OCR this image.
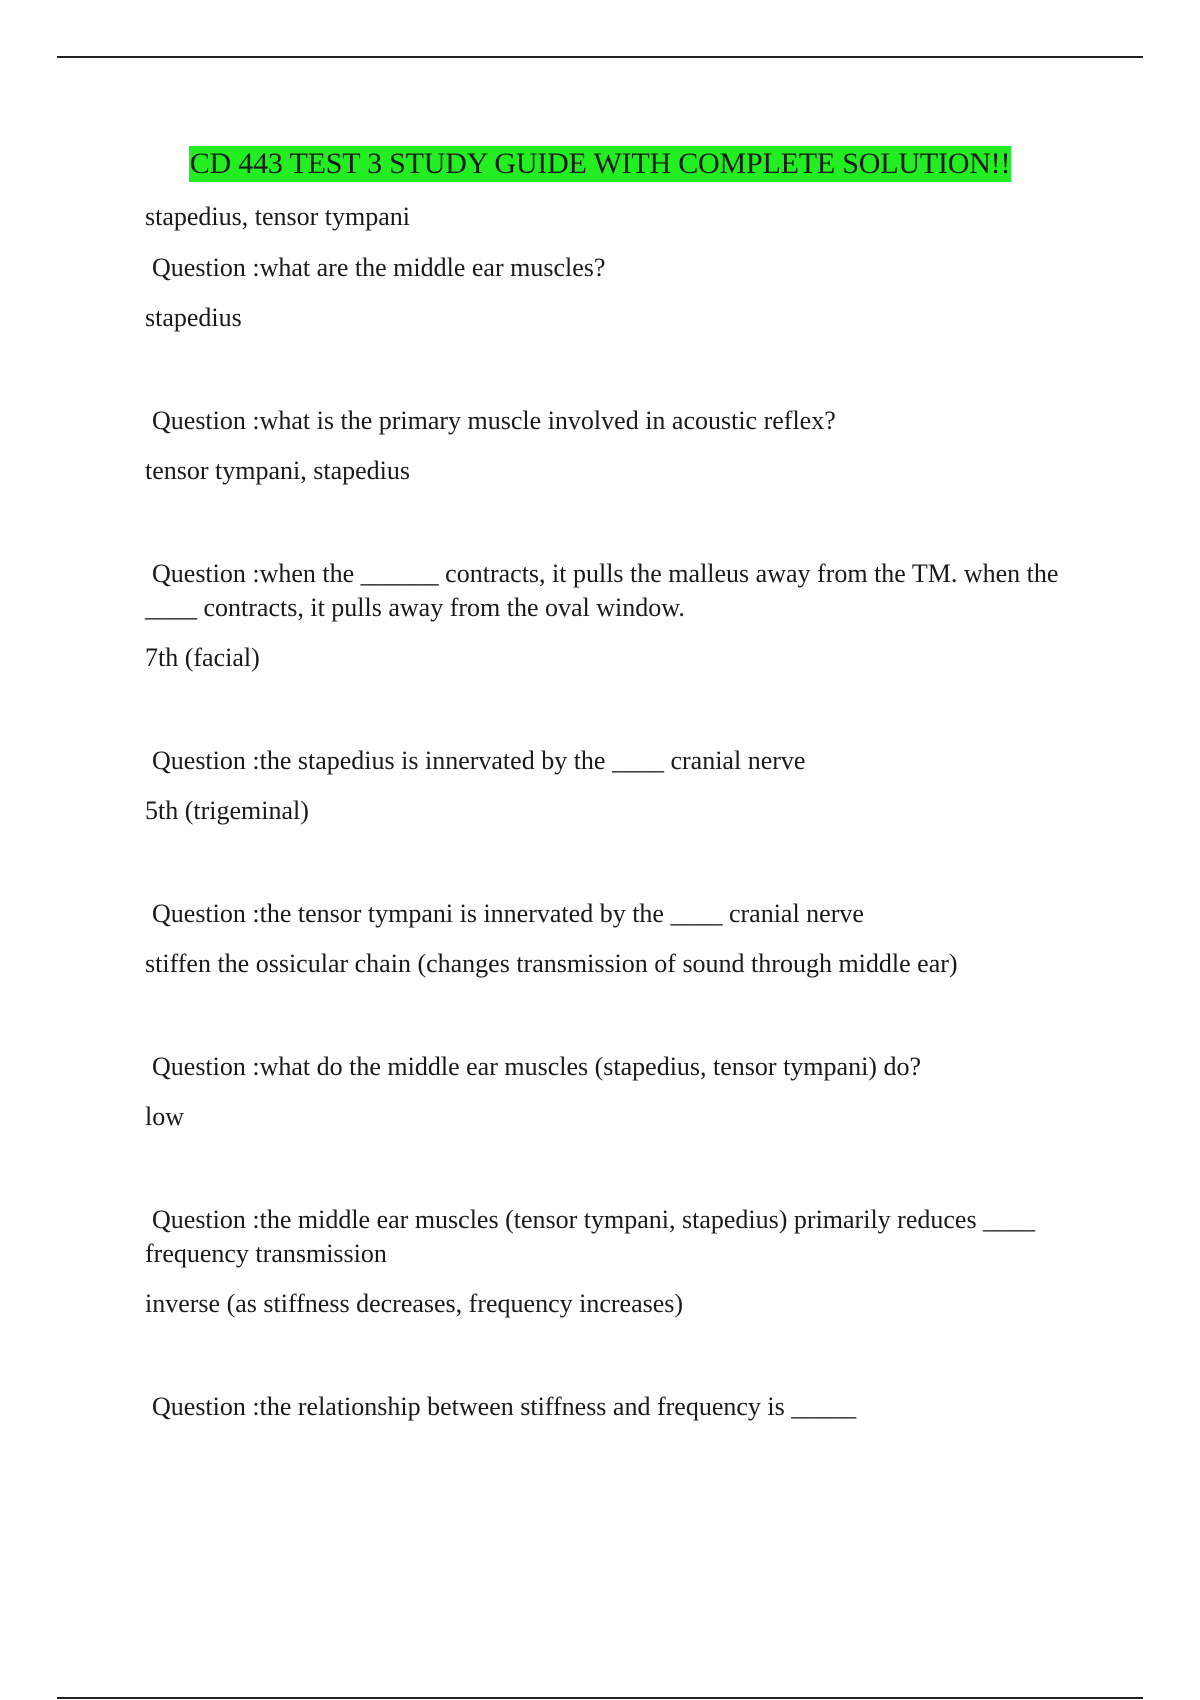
CD 443 TEST 3 STUDY GUIDE WITH COMPLETE SOLUTION!!

stapedius, tensor tympani

Question :what are the middle ear muscles?

stapedius

Question :what is the primary muscle involved in acoustic reflex?

tensor tympani, stapedius

Question :when the ______ contracts, it pulls the malleus away from the TM. when the ____ contracts, it pulls away from the oval window.

7th (facial)

Question :the stapedius is innervated by the ____ cranial nerve

5th (trigeminal)

Question :the tensor tympani is innervated by the ____ cranial nerve

stiffen the ossicular chain (changes transmission of sound through middle ear)

Question :what do the middle ear muscles (stapedius, tensor tympani) do?

low

Question :the middle ear muscles (tensor tympani, stapedius) primarily reduces ____ frequency transmission

inverse (as stiffness decreases, frequency increases)

Question :the relationship between stiffness and frequency is _____
